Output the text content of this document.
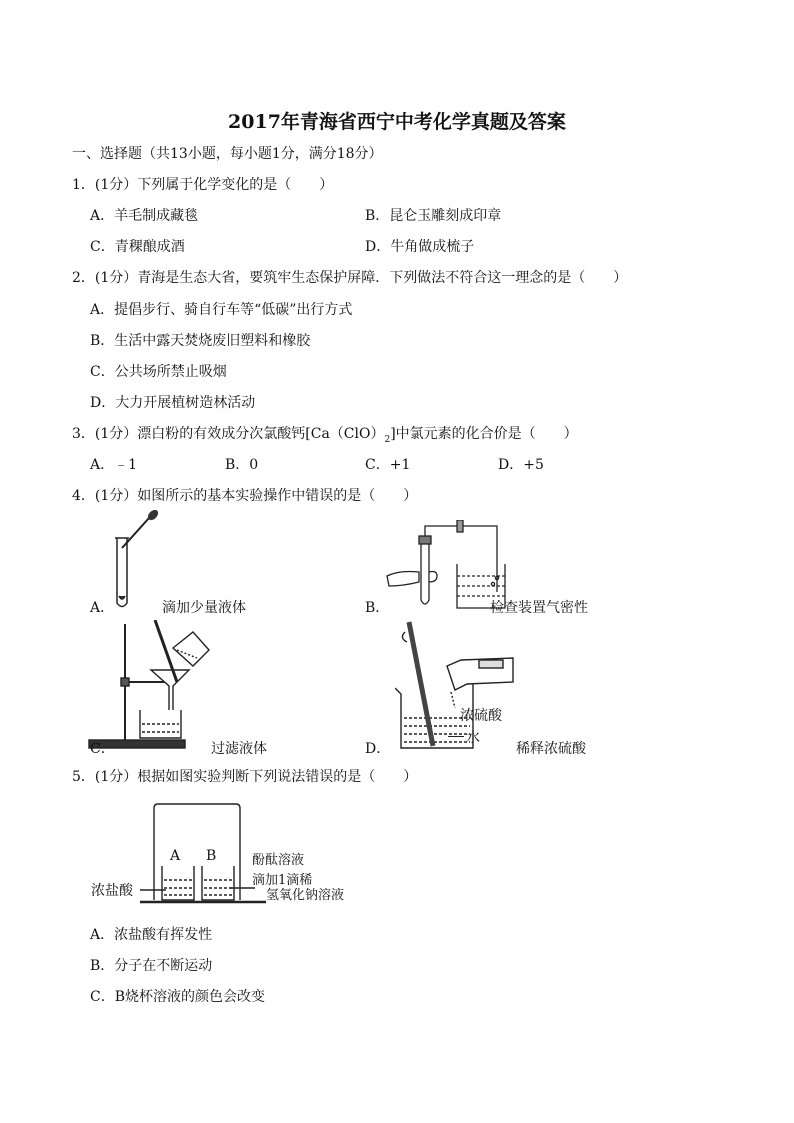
2017年青海省西宁中考化学真题及答案
一、选择题（共13小题，每小题1分，满分18分）
1．(1分）下列属于化学变化的是（　　）
A．羊毛制成藏毯	B．昆仑玉雕刻成印章
C．青稞酿成酒	D．牛角做成梳子
2．(1分）青海是生态大省，要筑牢生态保护屏障．下列做法不符合这一理念的是（　　）
A．提倡步行、骑自行车等“低碳”出行方式
B．生活中露天焚烧废旧塑料和橡胶
C．公共场所禁止吸烟
D．大力开展植树造林活动
3．(1分）漂白粉的有效成分次氯酸钙$[Ca(ClO)_2]$中氯元素的化合价是（　　）
A．﹣1	B．0	C．+1	D．+5
4．(1分）如图所示的基本实验操作中错误的是（　　）
A．	滴加少量液体	B．	检查装置气密性
C．	过滤液体
浓硫酸
水
D．	稀释浓硫酸
5．(1分）根据如图实验判断下列说法错误的是（　　）
A B
浓盐酸
酚酞溶液
滴加1滴稀
氢氧化钠溶液
A．浓盐酸有挥发性
B．分子在不断运动
C．B烧杯溶液的颜色会改变
